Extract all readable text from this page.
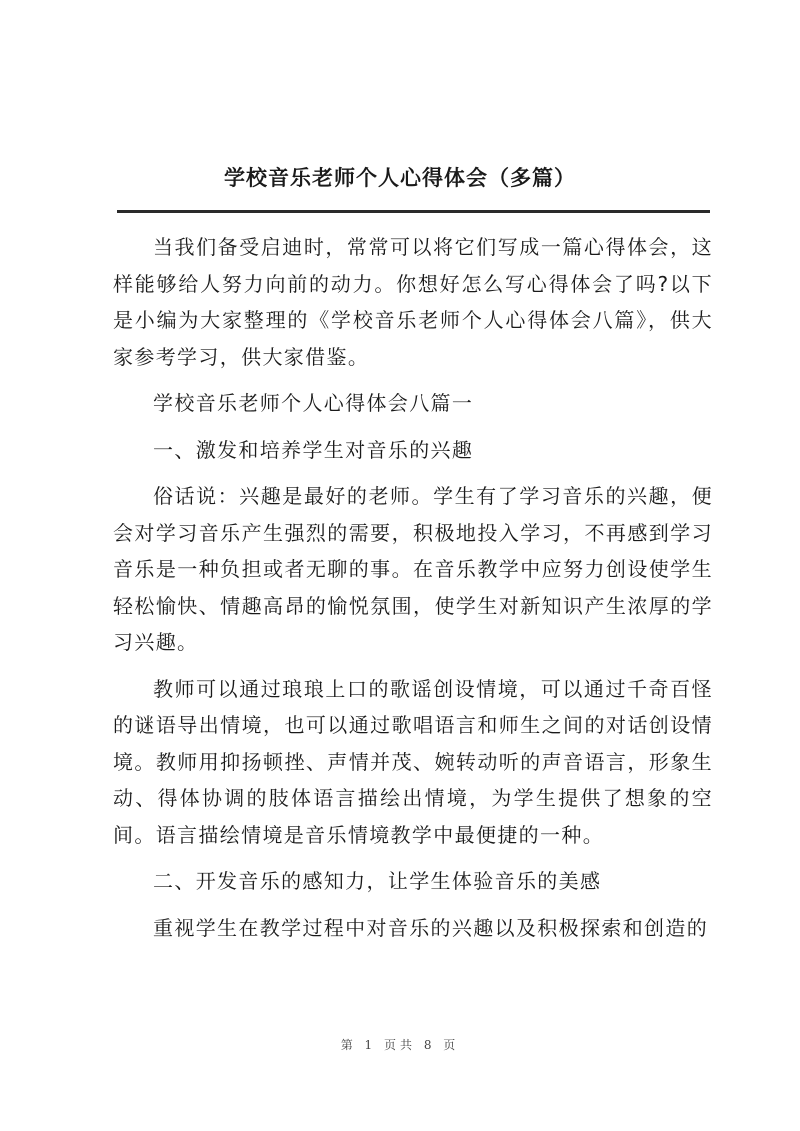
学校音乐老师个人心得体会（多篇）

当我们备受启迪时，常常可以将它们写成一篇心得体会，这样能够给人努力向前的动力。你想好怎么写心得体会了吗?以下是小编为大家整理的《学校音乐老师个人心得体会八篇》，供大家参考学习，供大家借鉴。

学校音乐老师个人心得体会八篇一

一、激发和培养学生对音乐的兴趣

俗话说：兴趣是最好的老师。学生有了学习音乐的兴趣，便会对学习音乐产生强烈的需要，积极地投入学习，不再感到学习音乐是一种负担或者无聊的事。在音乐教学中应努力创设使学生轻松愉快、情趣高昂的愉悦氛围，使学生对新知识产生浓厚的学习兴趣。

教师可以通过琅琅上口的歌谣创设情境，可以通过千奇百怪的谜语导出情境，也可以通过歌唱语言和师生之间的对话创设情境。教师用抑扬顿挫、声情并茂、婉转动听的声音语言，形象生动、得体协调的肢体语言描绘出情境，为学生提供了想象的空间。语言描绘情境是音乐情境教学中最便捷的一种。

二、开发音乐的感知力，让学生体验音乐的美感

重视学生在教学过程中对音乐的兴趣以及积极探索和创造的

第 1 页共 8 页
